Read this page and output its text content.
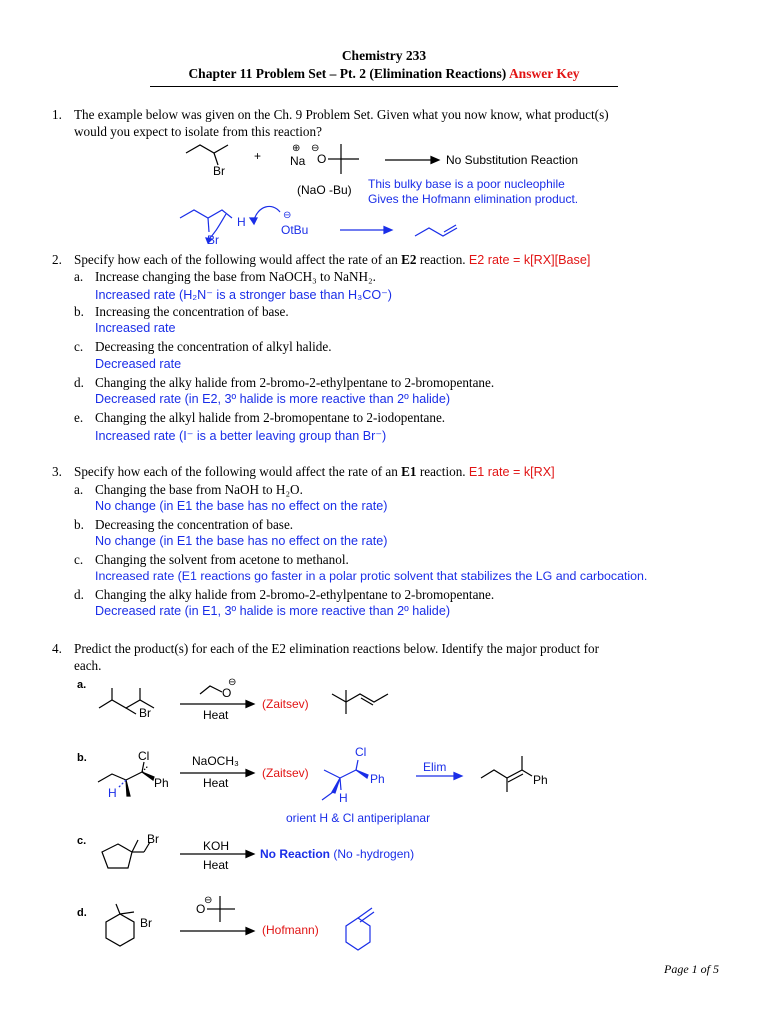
Chemistry 233
Chapter 11 Problem Set – Pt. 2 (Elimination Reactions) Answer Key
1. The example below was given on the Ch. 9 Problem Set. Given what you now know, what product(s)
would you expect to isolate from this reaction?
Br
+
⊕ ⊖
Na O
(NaO -Bu)
No Substitution Reaction
This bulky base is a poor nucleophile
Gives the Hofmann elimination product.
H
Br
⊖
OtBu
2. Specify how each of the following would affect the rate of an E2 reaction. E2 rate = k[RX][Base]
a. Increase changing the base from NaOCH₃ to NaNH₂.
Increased rate (H₂N⁻ is a stronger base than H₃CO⁻)
b. Increasing the concentration of base.
Increased rate
c. Decreasing the concentration of alkyl halide.
Decreased rate
d. Changing the alky halide from 2-bromo-2-ethylpentane to 2-bromopentane.
Decreased rate (in E2, 3º halide is more reactive than 2º halide)
e. Changing the alkyl halide from 2-bromopentane to 2-iodopentane.
Increased rate (I⁻ is a better leaving group than Br⁻)
3. Specify how each of the following would affect the rate of an E1 reaction. E1 rate = k[RX]
a. Changing the base from NaOH to H₂O.
No change (in E1 the base has no effect on the rate)
b. Decreasing the concentration of base.
No change (in E1 the base has no effect on the rate)
c. Changing the solvent from acetone to methanol.
Increased rate (E1 reactions go faster in a polar protic solvent that stabilizes the LG and carbocation.
d. Changing the alky halide from 2-bromo-2-ethylpentane to 2-bromopentane.
Decreased rate (in E1, 3º halide is more reactive than 2º halide)
4. Predict the product(s) for each of the E2 elimination reactions below. Identify the major product for
each.
a.
Br
⊖
O
Heat
(Zaitsev)
b.	Cl
Ph
H
NaOCH₃
Heat
(Zaitsev)
Cl
Ph
H
orient H & Cl antiperiplanar
Elim
Ph
c.	Br	KOH
Heat
No Reaction (No -hydrogen)
d.
Br
⊖
O
(Hofmann)
Page 1 of 5
